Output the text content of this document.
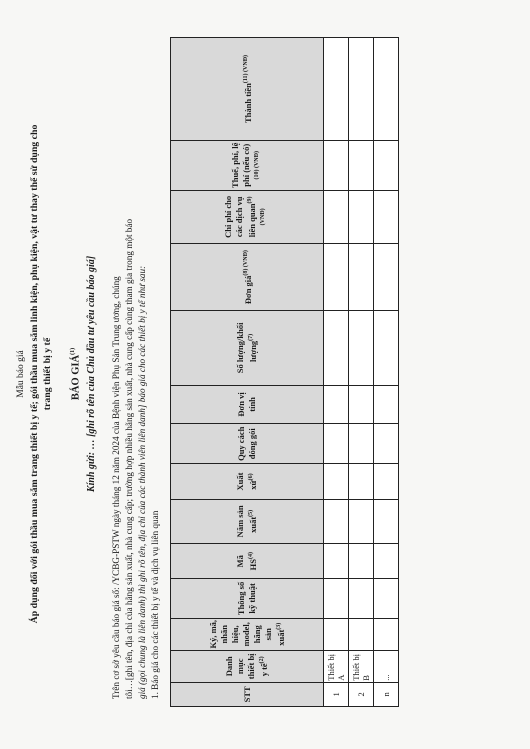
Mẫu báo giá Áp dụng đối với gói thầu mua sắm trang thiết bị y tế; gói thầu mua sắm linh kiện, phụ kiện, vật tư thay thế sử dụng cho trang thiết bị y tế BÁO GIÁ$^{(1)}$	Kính gửi: … [ghi rõ tên của Chủ đầu tư yêu cầu báo giá] Trên cơ sở yêu cầu báo giá số: /YCBG-PSTW ngày tháng 12 năm 2024 của Bệnh viện Phụ Sản Trung ương, chúng tôi…[ghi tên, địa chỉ của hãng sản xuất, nhà cung cấp; trường hợp nhiều hãng sản xuất, nhà cung cấp cùng tham gia trong một báo giá (gọi chung là liên danh) thì ghi rõ tên, địa chỉ của các thành viên liên danh] báo giá cho các thiết bị y tế như sau: 1. Báo giá cho các thiết bị y tế và dịch vụ liên quan	STT	Danh mục thiết bị y tế$^{(2)}$	Ký, mã, nhãn hiệu, model, hãng sản xuất$^{(3)}$	Thông số kỹ thuật	Mã HS$^{(4)}$	Năm sản xuất$^{(5)}$	Xuất xứ$^{(6)}$	Quy cách đóng gói	Đơn vị tính	Số lượng/khối lượng$^{(7)}$	Đơn giá$^{(8) (VNĐ)}$	Chi phí cho các dịch vụ liên quan$^{(9) (VNĐ)}$	Thuế, phí, lệ phí (nếu có) $^{(10) (VNĐ)}$	Thành tiền$^{(11) (VNĐ)}$
1	Thiết bị A												
2	Thiết bị B												
n	...												
